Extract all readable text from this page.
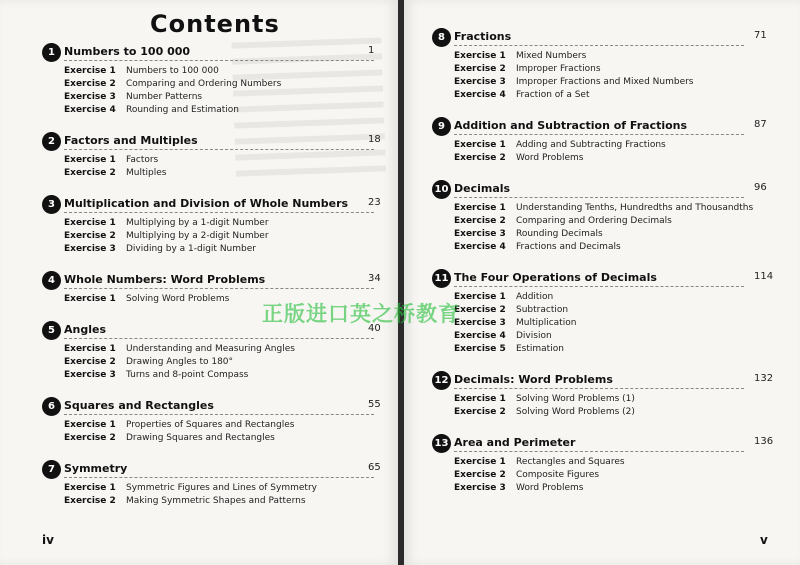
Contents
1 Numbers to 100 000	1
Exercise 1 Numbers to 100 000
Exercise 2 Comparing and Ordering Numbers
Exercise 3 Number Patterns
Exercise 4 Rounding and Estimation
2 Factors and Multiples	18
Exercise 1 Factors
Exercise 2 Multiples
3 Multiplication and Division of Whole Numbers 23
Exercise 1 Multiplying by a 1-digit Number
Exercise 2 Multiplying by a 2-digit Number
Exercise 3 Dividing by a 1-digit Number
4 Whole Numbers: Word Problems	34
Exercise 1 Solving Word Problems
5 Angles	40
Exercise 1 Understanding and Measuring Angles
Exercise 2 Drawing Angles to 180°
Exercise 3 Turns and 8-point Compass
6 Squares and Rectangles	55
Exercise 1 Properties of Squares and Rectangles
Exercise 2 Drawing Squares and Rectangles
7 Symmetry	65
Exercise 1 Symmetric Figures and Lines of Symmetry
Exercise 2 Making Symmetric Shapes and Patterns
iv
8 Fractions	71
Exercise 1 Mixed Numbers
Exercise 2 Improper Fractions
Exercise 3 Improper Fractions and Mixed Numbers
Exercise 4 Fraction of a Set
9 Addition and Subtraction of Fractions	87
Exercise 1 Adding and Subtracting Fractions
Exercise 2 Word Problems
10 Decimals	96
Exercise 1 Understanding Tenths, Hundredths and Thousandths
Exercise 2 Comparing and Ordering Decimals
Exercise 3 Rounding Decimals
Exercise 4 Fractions and Decimals
11 The Four Operations of Decimals	114
Exercise 1 Addition
Exercise 2 Subtraction
Exercise 3 Multiplication
Exercise 4 Division
Exercise 5 Estimation
12 Decimals: Word Problems	132
Exercise 1 Solving Word Problems (1)
Exercise 2 Solving Word Problems (2)
13 Area and Perimeter	136
Exercise 1 Rectangles and Squares
Exercise 2 Composite Figures
Exercise 3 Word Problems
v
正版进口英之桥教育
